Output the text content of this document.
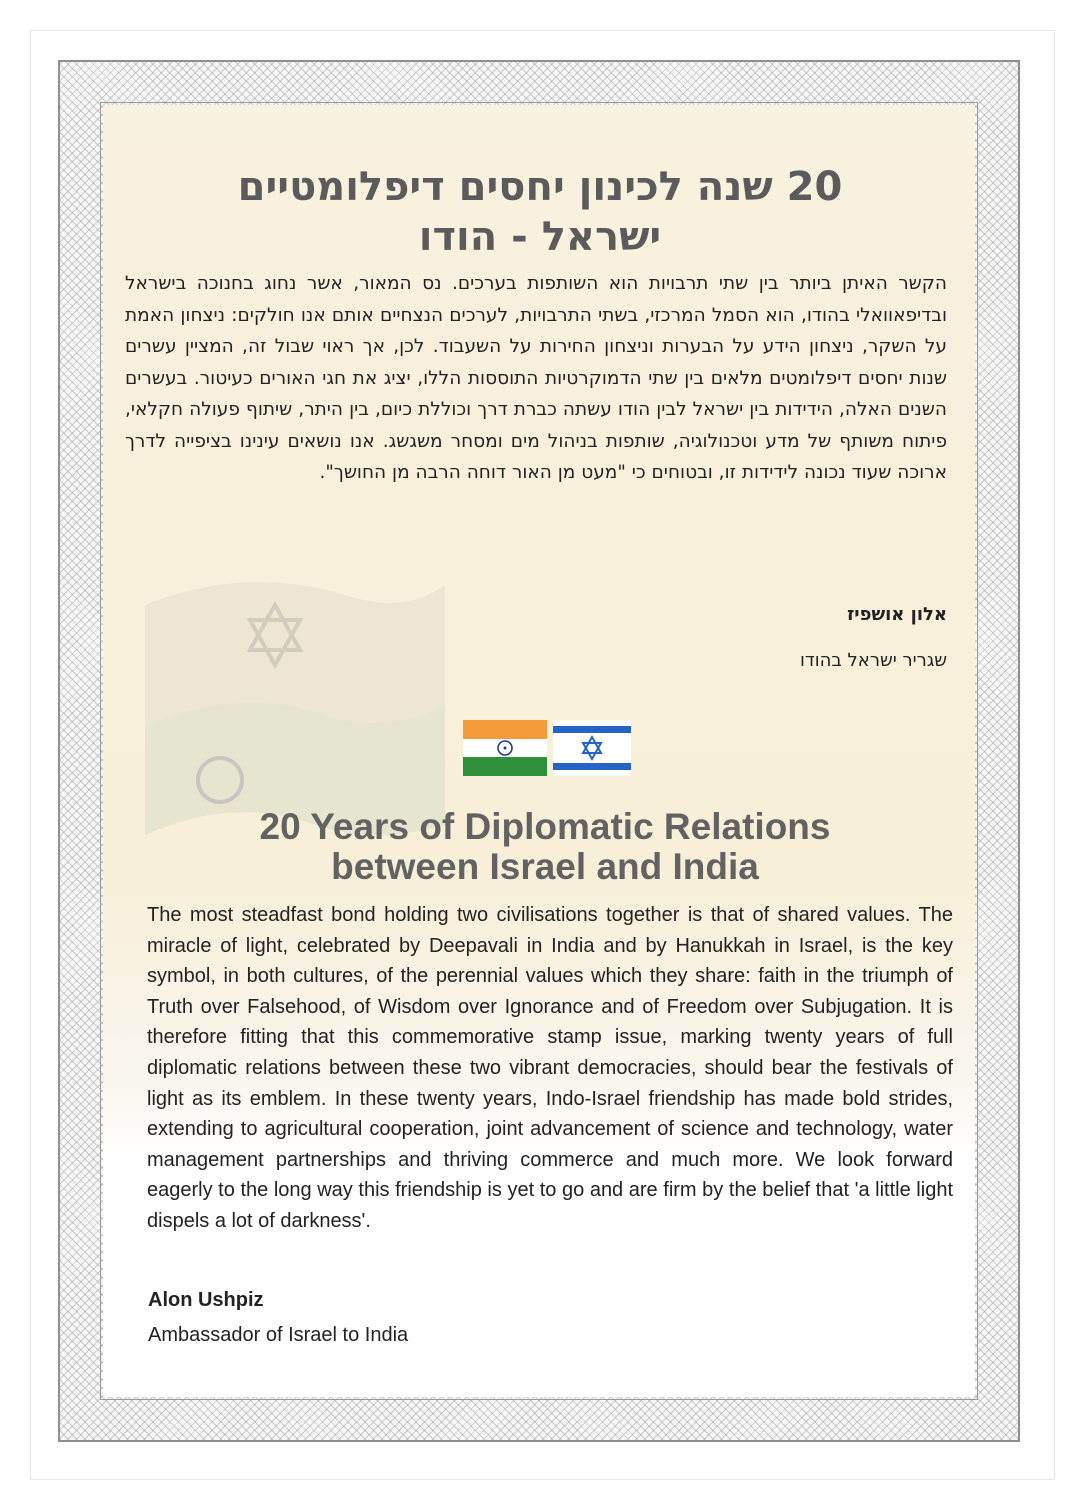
20 שנה לכינון יחסים דיפלומטיים
ישראל - הודו
הקשר האיתן ביותר בין שתי תרבויות הוא השותפות בערכים. נס המאור, אשר נחוג בחנוכה בישראל ובדיפאוואלי בהודו, הוא הסמל המרכזי, בשתי התרבויות, לערכים הנצחיים אותם אנו חולקים: ניצחון האמת על השקר, ניצחון הידע על הבערות וניצחון החירות על השעבוד. לכן, אך ראוי שבול זה, המציין עשרים שנות יחסים דיפלומטים מלאים בין שתי הדמוקרטיות התוססות הללו, יציג את חגי האורים כעיטור. בעשרים השנים האלה, הידידות בין ישראל לבין הודו עשתה כברת דרך וכוללת כיום, בין היתר, שיתוף פעולה חקלאי, פיתוח משותף של מדע וטכנולוגיה, שותפות בניהול מים ומסחר משגשג. אנו נושאים עינינו בציפייה לדרך ארוכה שעוד נכונה לידידות זו, ובטוחים כי "מעט מן האור דוחה הרבה מן החושך".
אלון אושפיז
שגריר ישראל בהודו
20 Years of Diplomatic Relations
between Israel and India
The most steadfast bond holding two civilisations together is that of shared values. The miracle of light, celebrated by Deepavali in India and by Hanukkah in Israel, is the key symbol, in both cultures, of the perennial values which they share: faith in the triumph of Truth over Falsehood, of Wisdom over Ignorance and of Freedom over Subjugation. It is therefore fitting that this commemorative stamp issue, marking twenty years of full diplomatic relations between these two vibrant democracies, should bear the festivals of light as its emblem. In these twenty years, Indo-Israel friendship has made bold strides, extending to agricultural cooperation, joint advancement of science and technology, water management partnerships and thriving commerce and much more. We look forward eagerly to the long way this friendship is yet to go and are firm by the belief that 'a little light dispels a lot of darkness'.
Alon Ushpiz
Ambassador of Israel to India
